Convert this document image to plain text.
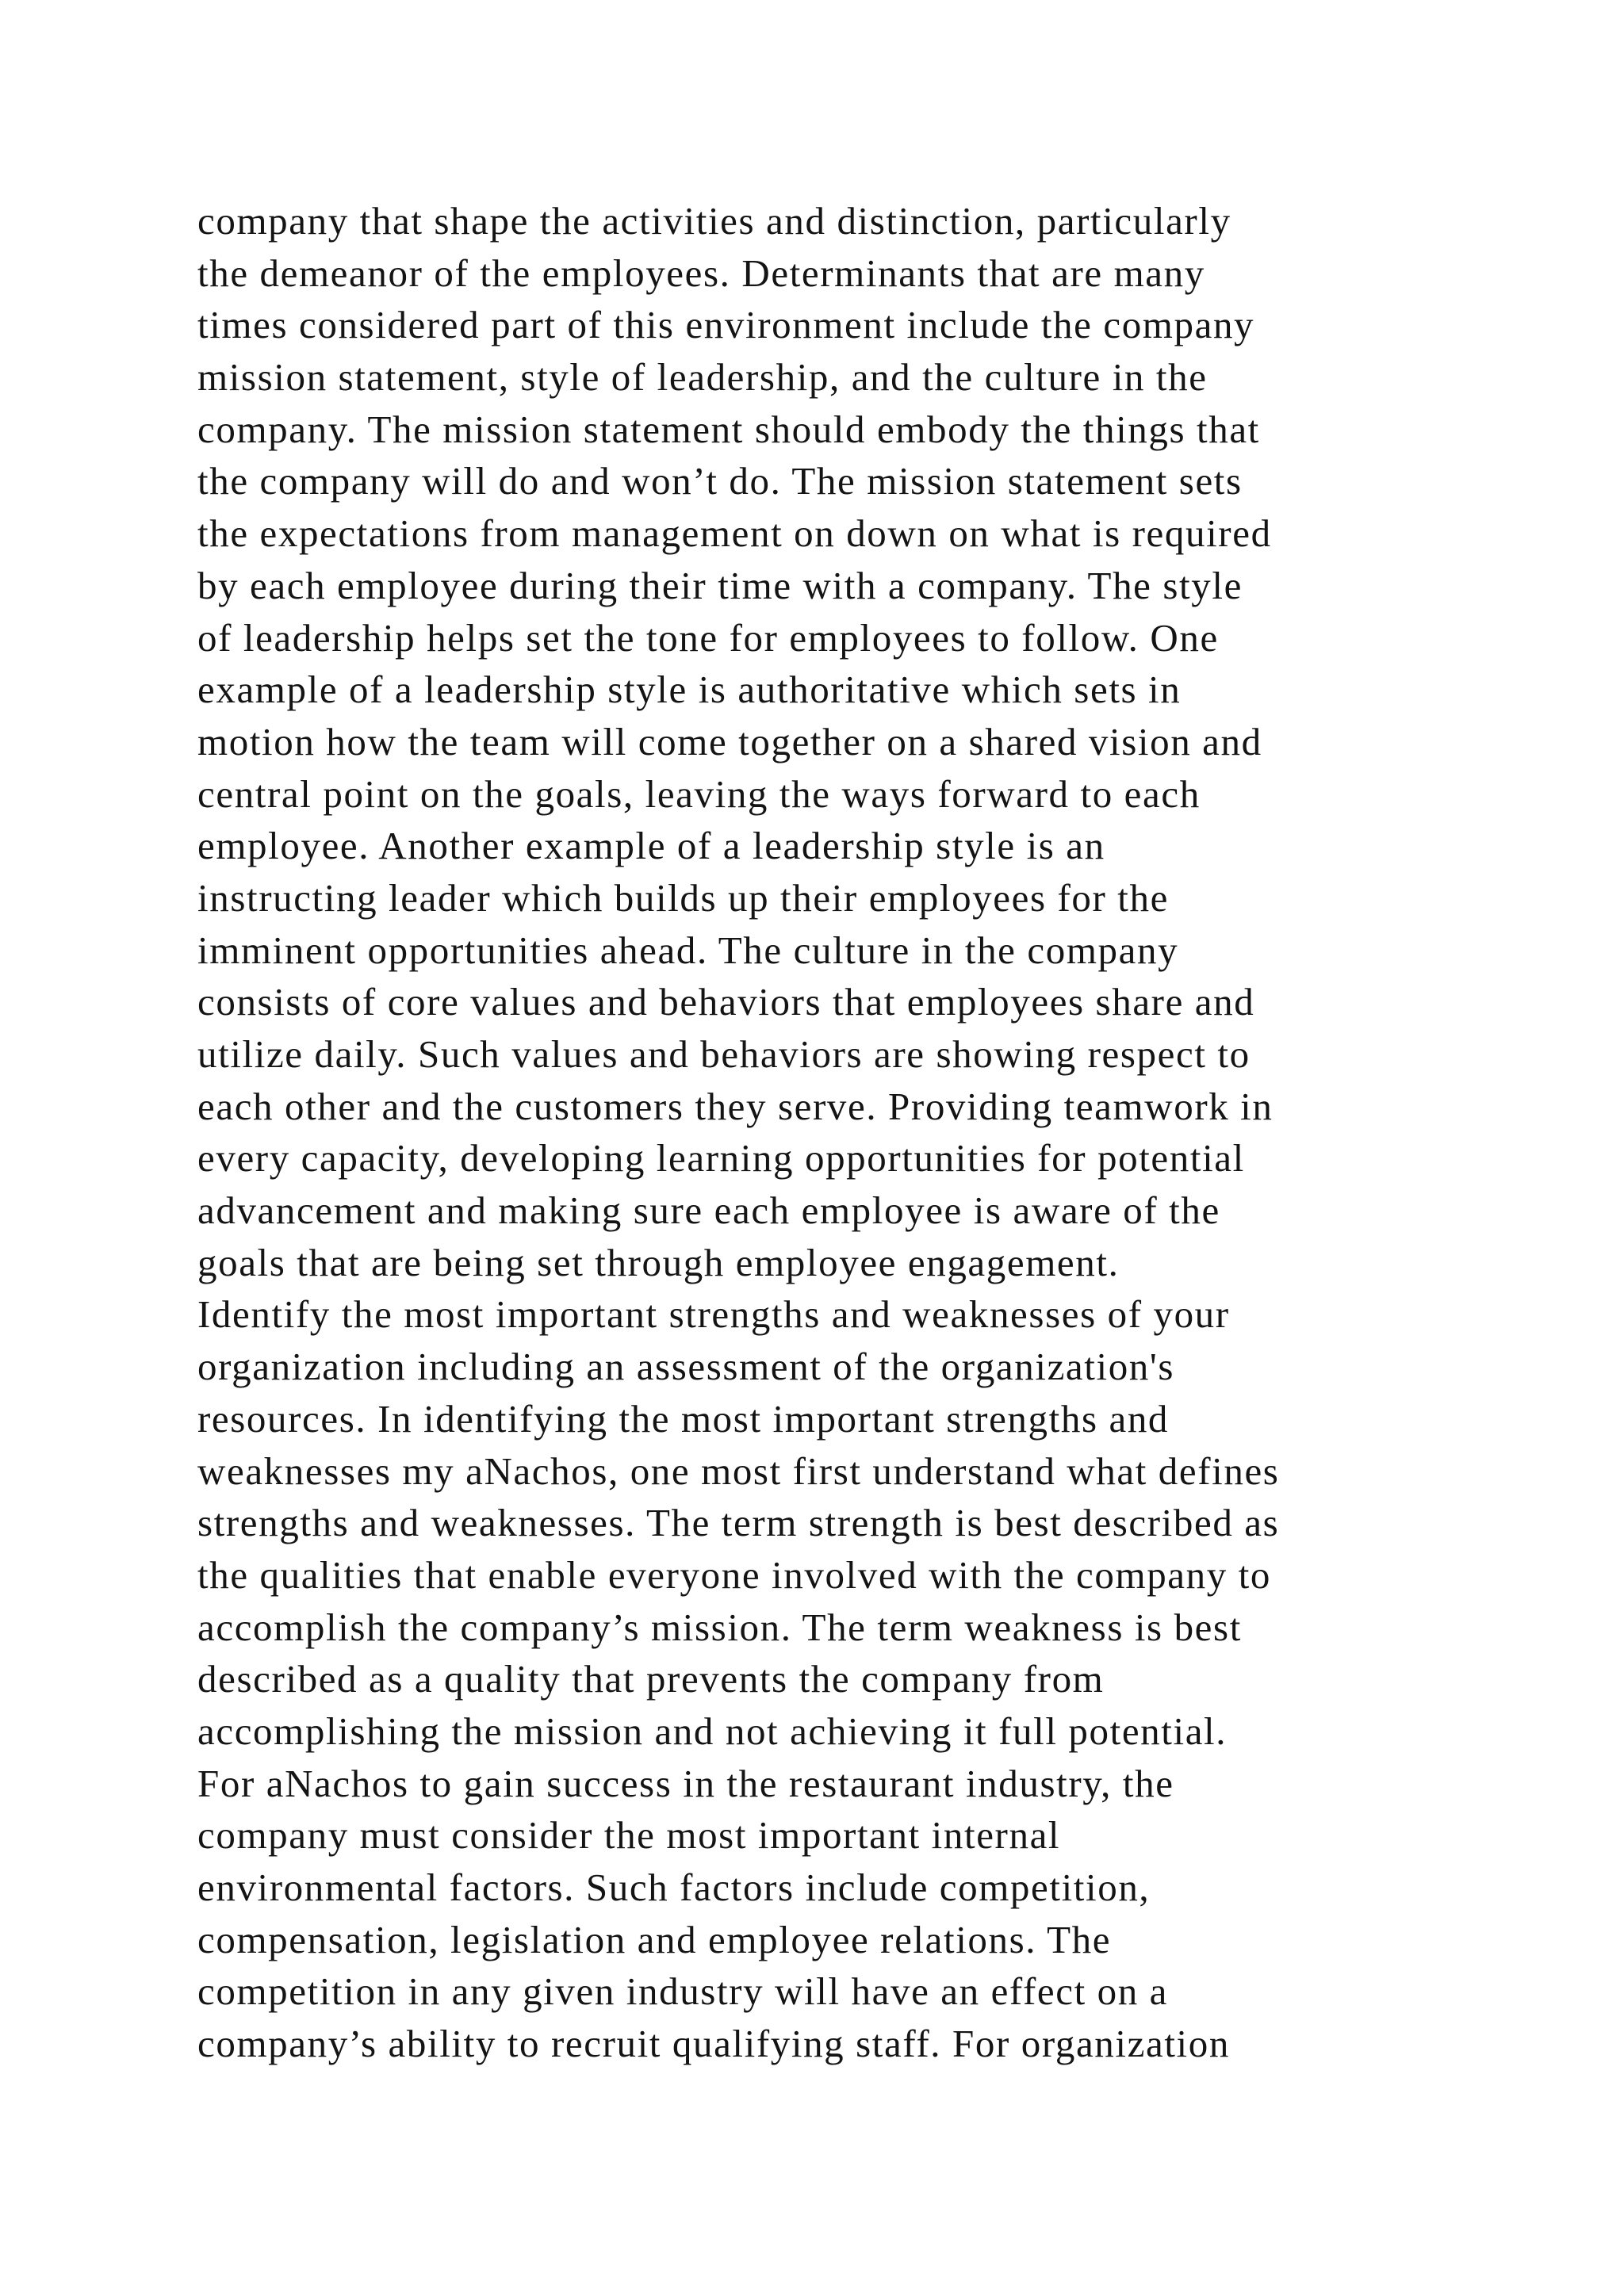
company that shape the activities and distinction, particularly
the demeanor of the employees. Determinants that are many
times considered part of this environment include the company
mission statement, style of leadership, and the culture in the
company. The mission statement should embody the things that
the company will do and won’t do. The mission statement sets
the expectations from management on down on what is required
by each employee during their time with a company. The style
of leadership helps set the tone for employees to follow. One
example of a leadership style is authoritative which sets in
motion how the team will come together on a shared vision and
central point on the goals, leaving the ways forward to each
employee. Another example of a leadership style is an
instructing leader which builds up their employees for the
imminent opportunities ahead. The culture in the company
consists of core values and behaviors that employees share and
utilize daily. Such values and behaviors are showing respect to
each other and the customers they serve. Providing teamwork in
every capacity, developing learning opportunities for potential
advancement and making sure each employee is aware of the
goals that are being set through employee engagement.
Identify the most important strengths and weaknesses of your
organization including an assessment of the organization's
resources. In identifying the most important strengths and
weaknesses my aNachos, one most first understand what defines
strengths and weaknesses. The term strength is best described as
the qualities that enable everyone involved with the company to
accomplish the company’s mission. The term weakness is best
described as a quality that prevents the company from
accomplishing the mission and not achieving it full potential.
For aNachos to gain success in the restaurant industry, the
company must consider the most important internal
environmental factors. Such factors include competition,
compensation, legislation and employee relations. The
competition in any given industry will have an effect on a
company’s ability to recruit qualifying staff. For organization
